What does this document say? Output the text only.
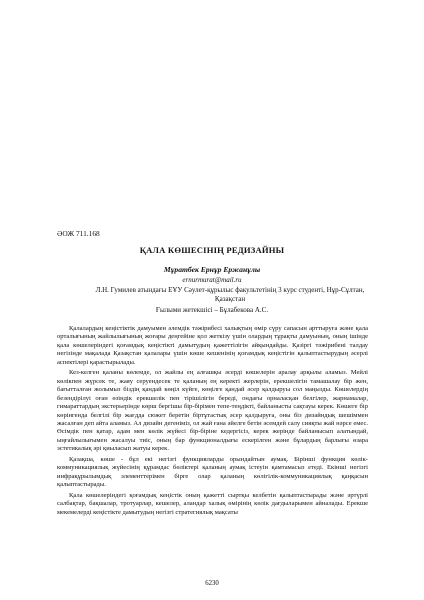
ӘОЖ 711.168
ҚАЛА КӨШЕСІНІҢ РЕДИЗАЙНЫ
Мұратбек Ернұр Ержанұлы
ernurmurat@mail.ru
Л.Н. Гумилев атындағы ЕҰУ Сәулет-құрылыс факультетінің 3 курс студенті, Нұр-Сұлтан, Қазақстан
Ғылыми жетекшісі – Бұлабекова А.С.

Қалалардың кеңістіктік дамуымен әлемдік тәжірибесі халықтың өмір сүру сапасын арттыруға және қала орталығының жайлылығының жоғары деңгейіне қол жеткізу үшін олардың тұрақты дамуының, оның ішінде қала көшелеріндегі қоғамдық кеңістікті дамытудың қажеттілігін айқындайды. Қазіргі тәжірибені талдау негізінде мақалада Қазақстан қалалары үшін көше кешенінің қоғамдық кеңістігін қалыптастырудың әсерлі аспектілері қарастырылады.

Кез-келген қаланы көлемде, ол жайлы ең алғашқы әсерді көшелерін аралау арқылы аламыз. Мейлі көлікпен жүрсек те, жаяу серуендесек те қаланың ең керекті жерлерін, ерекшелігін тамашалау бір жен, бағытталған жолымыз біздің қандай көңіл күйге, көңілге қандай әсер қалдыруы сол маңызды. Көшелердің безендірілуі оған өзіндік ерекшелік пен тірішілігін береді, ондағы орналасқан белгілер, жарнамалар, гимараттардың экстерьерінде көрш бергішы бір-бірімен тепе-теңдікті, байланысты сақтауы керек. Көшеге бір көрінгенда белгілі бір жағдда сюжет беретін біртұтастық әсер қалдыруға, оны біз дизайндық шешіммен жасалған деп айта аламыз. Ал дизайн дегеніміз, ол жай ғана әйелге бетін әсемдей салу сияқты жай нәрсе емес. Өсімдік пен қатар, адам мен көлік жүйесі бір-біріне кедергісіз, керек жерінде байланысып алатындай, ыңғайлылығымен жасалуы тиіс, оның бар функционалдығы ескерілген және бұлардың барлығы өзара эстетикалық әрі қиыласып жатуы керек.

Қазақша, көше - бұл екі негізгі функцияларды орындайтын аумақ. Бірінші функция көлік-коммуникациялық жүйесінің құрамдас бөліктері қаланың аумақ істеуін қамтамасыз етеді. Екінші негізгі инфрақұрылымдық элементтерімен бірге олар қаланың көлігілік-коммуникациялық қаңқасын қалыптастырады.

Қала көшелеріндегі қоғамдық кеңістік оның қажетті сыртқы келбетін қалыптастырады және әртүрлі салбақтар, бақшалар, тротуарлар, кешелер, аландар халық өмірінің көлік дағдыларымен айналады. Ерекше мекемелерді кеңістікте дамытудың негізгі стратегиялық мақсаты

6230
